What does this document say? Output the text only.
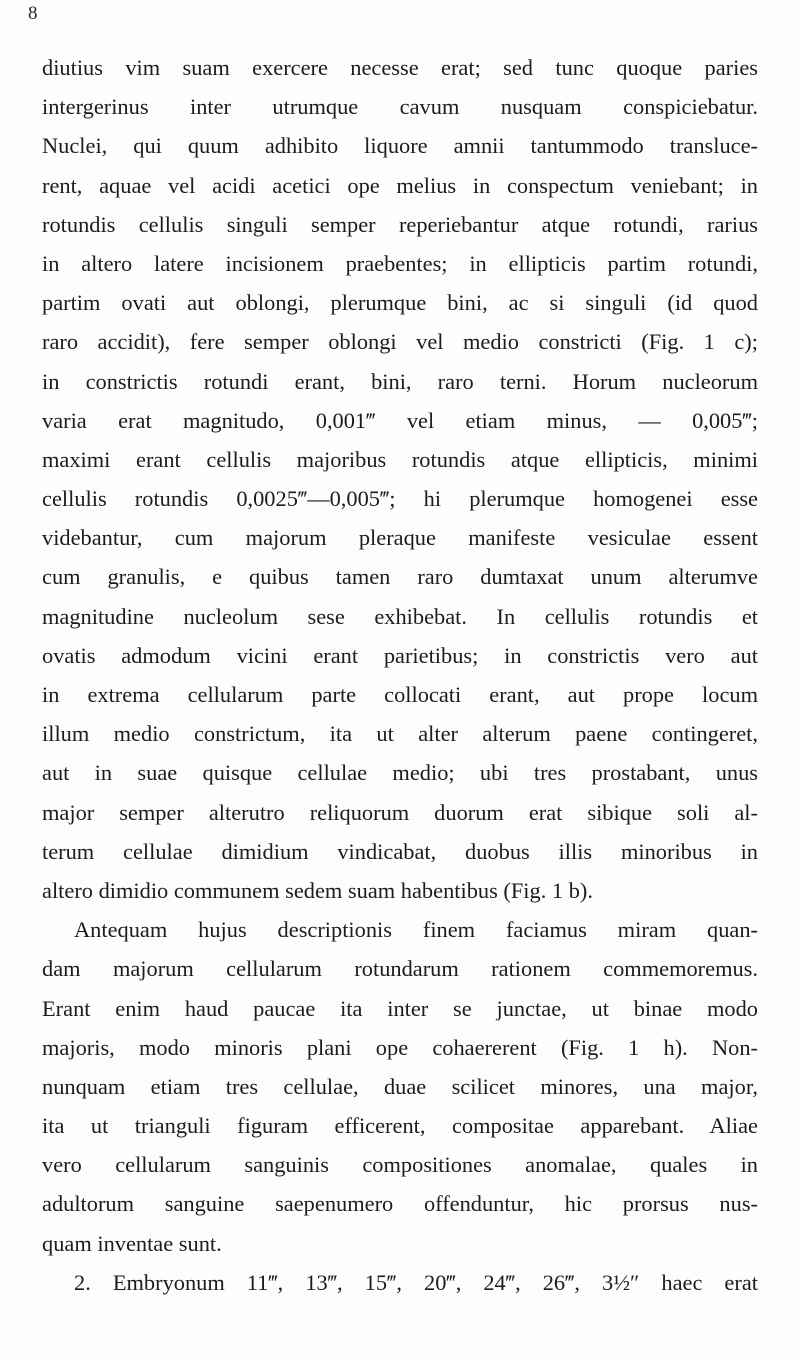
8
diutius vim suam exercere necesse erat; sed tunc quoque paries
intergerinus inter utrumque cavum nusquam conspiciebatur.
Nuclei, qui quum adhibito liquore amnii tantummodo transluce-
rent, aquae vel acidi acetici ope melius in conspectum veniebant; in
rotundis cellulis singuli semper reperiebantur atque rotundi, rarius
in altero latere incisionem praebentes; in ellipticis partim rotundi,
partim ovati aut oblongi, plerumque bini, ac si singuli (id quod
raro accidit), fere semper oblongi vel medio constricti (Fig. 1 c);
in constrictis rotundi erant, bini, raro terni. Horum nucleorum
varia erat magnitudo, 0,001‴ vel etiam minus, — 0,005‴;
maximi erant cellulis majoribus rotundis atque ellipticis, minimi
cellulis rotundis 0,0025‴—0,005‴; hi plerumque homogenei esse
videbantur, cum majorum pleraque manifeste vesiculae essent
cum granulis, e quibus tamen raro dumtaxat unum alterumve
magnitudine nucleolum sese exhibebat. In cellulis rotundis et
ovatis admodum vicini erant parietibus; in constrictis vero aut
in extrema cellularum parte collocati erant, aut prope locum
illum medio constrictum, ita ut alter alterum paene contingeret,
aut in suae quisque cellulae medio; ubi tres prostabant, unus
major semper alterutro reliquorum duorum erat sibique soli al-
terum cellulae dimidium vindicabat, duobus illis minoribus in
altero dimidio communem sedem suam habentibus (Fig. 1 b).
Antequam hujus descriptionis finem faciamus miram quan-
dam majorum cellularum rotundarum rationem commemoremus.
Erant enim haud paucae ita inter se junctae, ut binae modo
majoris, modo minoris plani ope cohaererent (Fig. 1 h). Non-
nunquam etiam tres cellulae, duae scilicet minores, una major,
ita ut trianguli figuram efficerent, compositae apparebant. Aliae
vero cellularum sanguinis compositiones anomalae, quales in
adultorum sanguine saepenumero offenduntur, hic prorsus nus-
quam inventae sunt.
2. Embryonum 11‴, 13‴, 15‴, 20‴, 24‴, 26‴, 3½″ haec erat
